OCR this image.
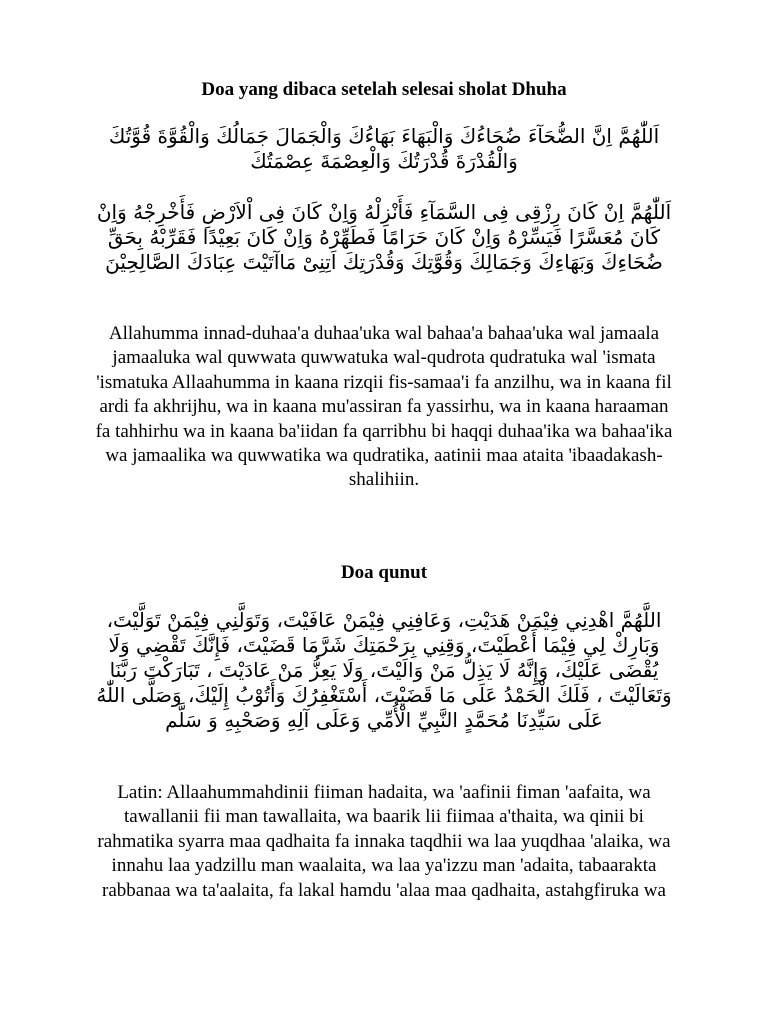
Doa yang dibaca setelah selesai sholat Dhuha

اَللّٰهُمَّ اِنَّ الضُّحَآءَ ضُحَاءُكَ وَالْبَهَاءَ بَهَاءُكَ وَالْجَمَالَ جَمَالُكَ وَالْقُوَّةَ قُوَّتُكَ وَالْقُدْرَةَ قُدْرَتُكَ وَالْعِصْمَةَ عِصْمَتُكَ

اَللّٰهُمَّ اِنْ كَانَ رِزْقِى فِى السَّمَآءِ فَأَنْزِلْهُ وَاِنْ كَانَ فِى اْلاَرْضِ فَأَخْرِجْهُ وَاِنْ كَانَ مُعَسَّرًا فَيَسِّرْهُ وَاِنْ كَانَ حَرَامًا فَطَهِّرْهُ وَاِنْ كَانَ بَعِيْدًا فَقَرِّبْهُ بِحَقِّ ضُحَاءِكَ وَبَهَاءِكَ وَجَمَالِكَ وَقُوَّتِكَ وَقُدْرَتِكَ اَتِنِىْ مَاآتَيْتَ عِبَادَكَ الصَّالِحِيْنَ

Allahumma innad-duhaa'a duhaa'uka wal bahaa'a bahaa'uka wal jamaala jamaaluka wal quwwata quwwatuka wal-qudrota qudratuka wal 'ismata 'ismatuka Allaahumma in kaana rizqii fis-samaa'i fa anzilhu, wa in kaana fil ardi fa akhrijhu, wa in kaana mu'assiran fa yassirhu, wa in kaana haraaman fa tahhirhu wa in kaana ba'iidan fa qarribhu bi haqqi duhaa'ika wa bahaa'ika wa jamaalika wa quwwatika wa qudratika, aatinii maa ataita 'ibaadakash-shalihiin.

Doa qunut

اللَّهُمَّ اهْدِنِي فِيْمَنْ هَدَيْتِ، وَعَافِنِي فِيْمَنْ عَافَيْتَ، وَتَوَلَّنِي فِيْمَنْ تَوَلَّيْتَ، وَبَارِكْ لِي فِيْمَا أَعْطَيْتَ، وَقِنِي بِرَحْمَتِكَ شَرَّمَا قَضَيْتَ، فَإِنَّكَ تَقْضِي وَلَا يُقْضَى عَلَيْكَ، وَإِنَّهُ لَا يَذِلُّ مَنْ وَالَيْتَ، وَلَا يَعِزُّ مَنْ عَادَيْتَ ، تَبَارَكْتَ رَبَّنَا وَتَعَالَيْتَ ، فَلَكَ الْحَمْدُ عَلَى مَا قَضَيْتَ، أَسْتَغْفِرُكَ وَأَتُوْبُ إِلَيْكَ، وَصَلَّى اللّٰهُ عَلَى سَيِّدِنَا مُحَمَّدٍ النَّبِيِّ الْأُمِّي وَعَلَى آلِهِ وَصَحْبِهِ وَ سَلَّم

Latin: Allaahummahdinii fiiman hadaita, wa 'aafinii fiman 'aafaita, wa tawallanii fii man tawallaita, wa baarik lii fiimaa a'thaita, wa qinii bi rahmatika syarra maa qadhaita fa innaka taqdhii wa laa yuqdhaa 'alaika, wa innahu laa yadzillu man waalaita, wa laa ya'izzu man 'adaita, tabaarakta rabbanaa wa ta'aalaita, fa lakal hamdu 'alaa maa qadhaita, astahgfiruka wa
